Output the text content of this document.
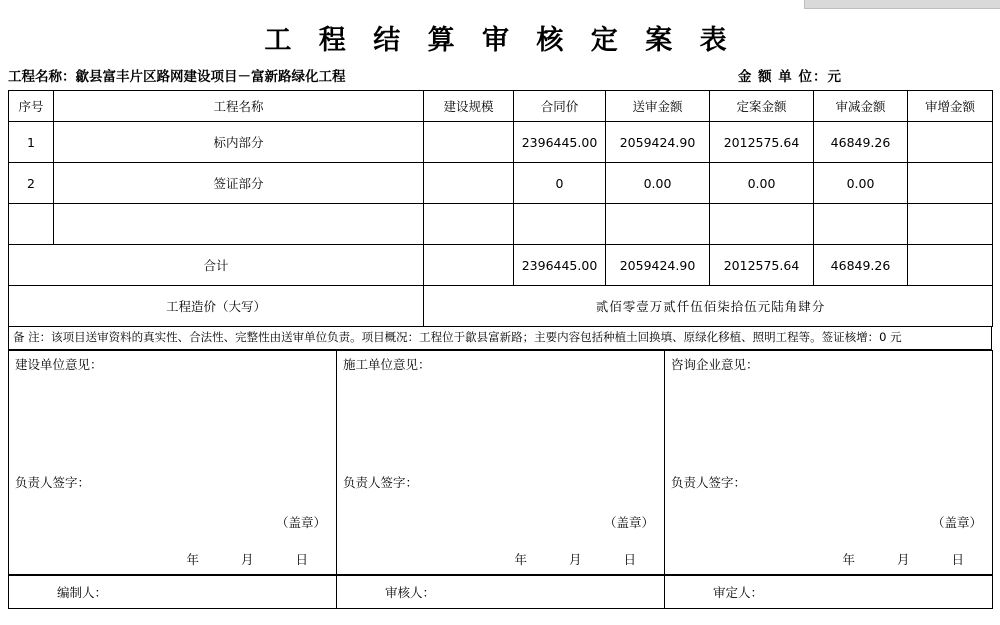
工 程 结 算 审 核 定 案 表
工程名称：歙县富丰片区路网建设项目－富新路绿化工程	金 额 单 位：元
序号	工程名称	建设规模	合同价	送审金额	定案金额	审减金额	审增金额
1	标内部分		2396445.00	2059424.90	2012575.64	46849.26	
2	签证部分		0	0.00	0.00	0.00	

合计			2396445.00	2059424.90	2012575.64	46849.26	
工程造价（大写）		贰佰零壹万贰仟伍佰柒拾伍元陆角肆分					
备 注：该项目送审资料的真实性、合法性、完整性由送审单位负责。项目概况：工程位于歙县富新路；主要内容包括种植土回换填、原绿化移植、照明工程等。签证核增：0 元
建设单位意见：
负责人签字：
（盖章）
年	月	日

施工单位意见：
负责人签字：
（盖章）
年	月	日

咨询企业意见：
负责人签字：
（盖章）
年	月	日
编制人：	审核人：	审定人：
